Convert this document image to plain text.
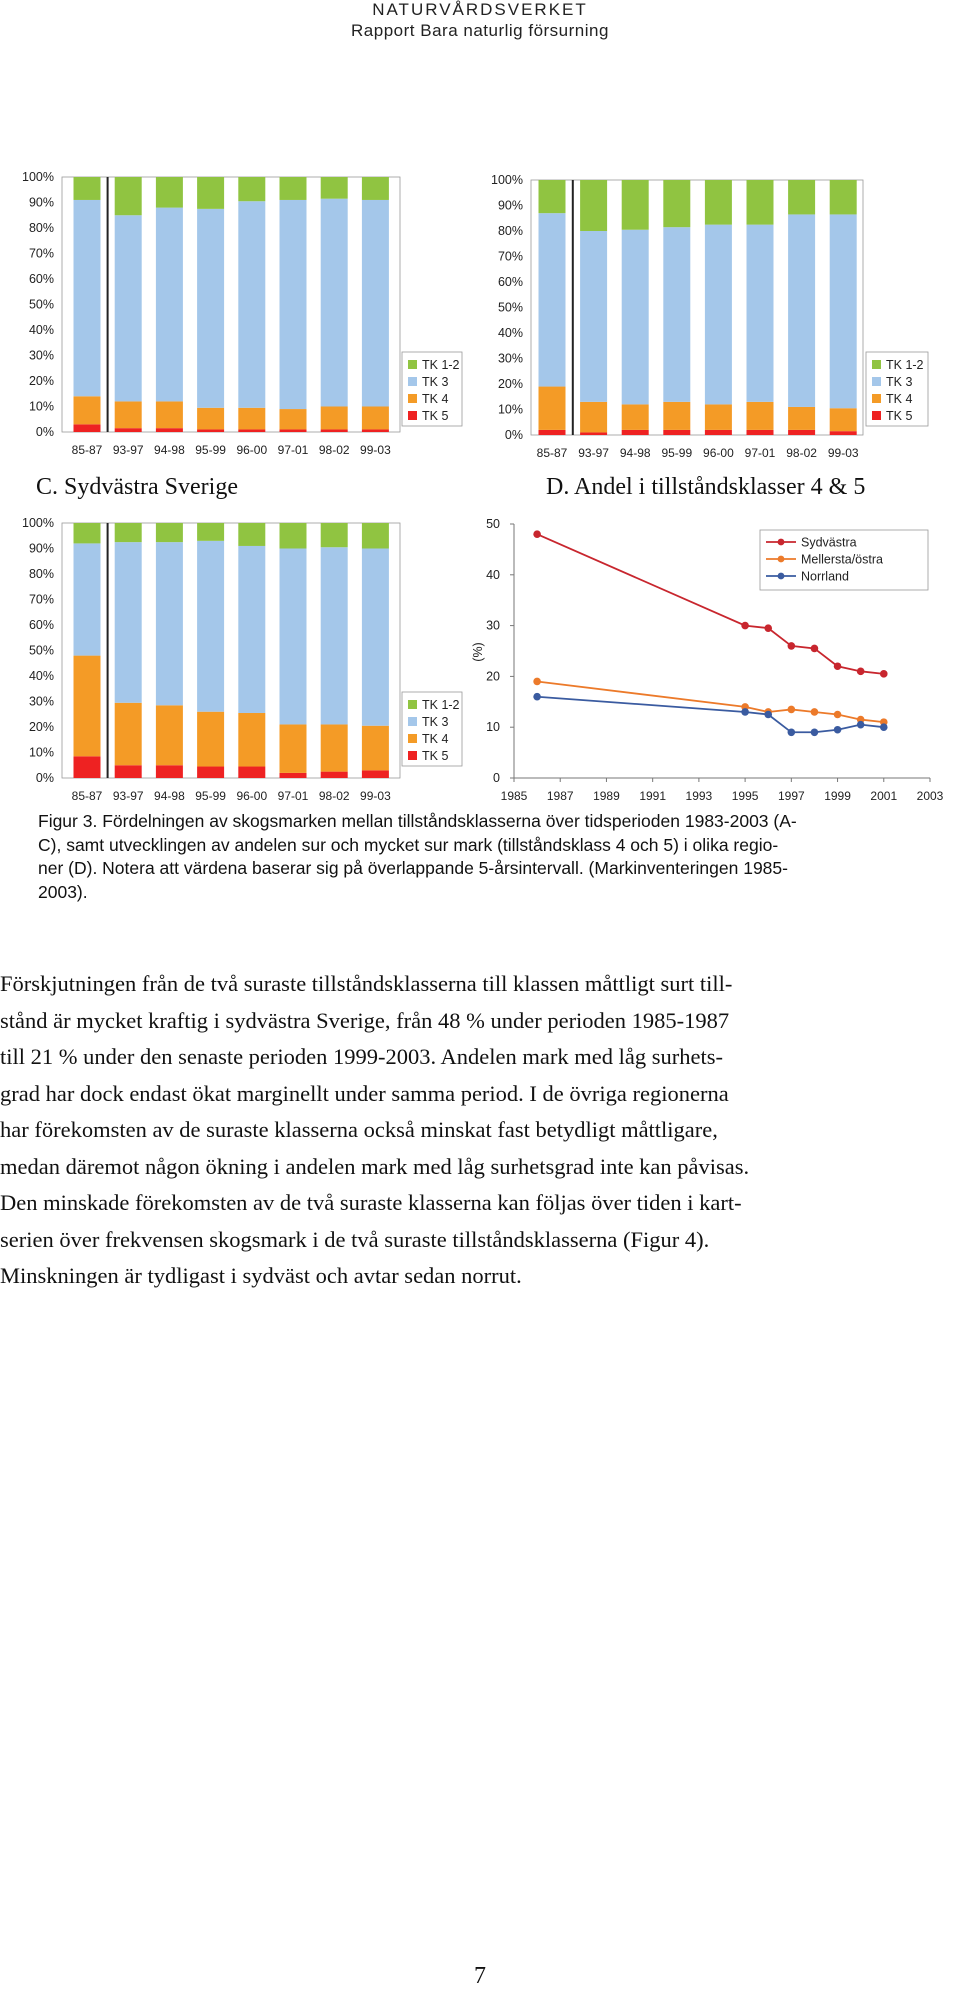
NATURVÅRDSVERKET
Rapport Bara naturlig försurning
0%
10%
20%
30%
40%
50%
60%
70%
80%
90%
100%
85-87 93-97 94-98 95-99 96-00 97-01 98-02 99-03
TK 1-2
TK 3
TK 4
TK 5
0%
10%
20%
30%
40%
50%
60%
70%
80%
90%
100%
85-87 93-97 94-98 95-99 96-00 97-01 98-02 99-03
TK 1-2
TK 3
TK 4
TK 5
C. Sydvästra Sverige	D. Andel i tillståndsklasser 4 & 5
0%
10%
20%
30%
40%
50%
60%
70%
80%
90%
100%
85-87 93-97 94-98 95-99 96-00 97-01 98-02 99-03
TK 1-2
TK 3
TK 4
TK 5
0
10
20
30
40
50
1985 1987 1989 1991 1993 1995 1997 1999 2001 2003
(%)
Sydvästra
Mellersta/östra
Norrland
Figur 3. Fördelningen av skogsmarken mellan tillståndsklasserna över tidsperioden 1983-2003 (A-
C), samt utvecklingen av andelen sur och mycket sur mark (tillståndsklass 4 och 5) i olika regio-
ner (D). Notera att värdena baserar sig på överlappande 5-årsintervall. (Markinventeringen 1985-
2003).
Förskjutningen från de två suraste tillståndsklasserna till klassen måttligt surt till-
stånd är mycket kraftig i sydvästra Sverige, från 48 % under perioden 1985-1987
till 21 % under den senaste perioden 1999-2003. Andelen mark med låg surhets-
grad har dock endast ökat marginellt under samma period. I de övriga regionerna
har förekomsten av de suraste klasserna också minskat fast betydligt måttligare,
medan däremot någon ökning i andelen mark med låg surhetsgrad inte kan påvisas.
Den minskade förekomsten av de två suraste klasserna kan följas över tiden i kart-
serien över frekvensen skogsmark i de två suraste tillståndsklasserna (Figur 4).
Minskningen är tydligast i sydväst och avtar sedan norrut.
7
